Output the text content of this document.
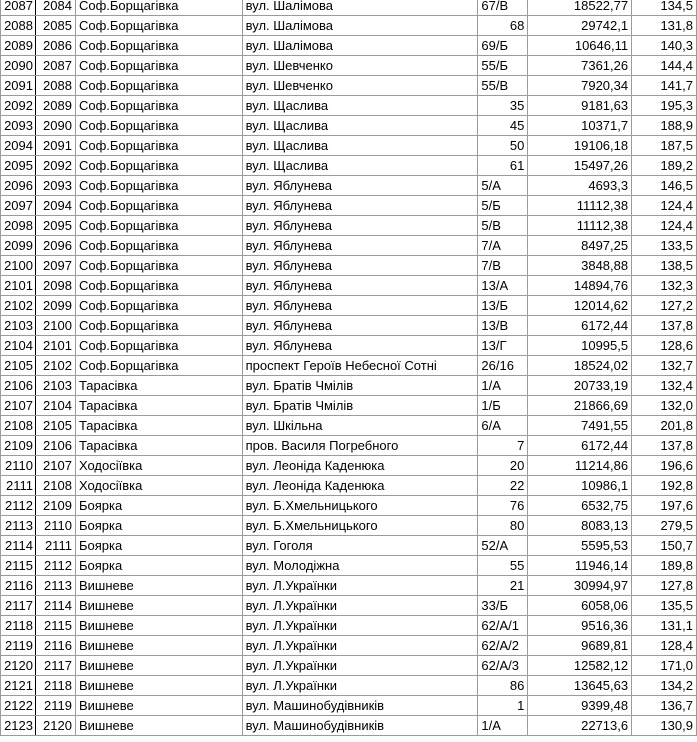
2087	2084	Соф.Борщагівка	вул. Шалімова	67/В	18522,77	134,5
2088	2085	Соф.Борщагівка	вул. Шалімова	68	29742,1	131,8
2089	2086	Соф.Борщагівка	вул. Шалімова	69/Б	10646,11	140,3
2090	2087	Соф.Борщагівка	вул. Шевченко	55/Б	7361,26	144,4
2091	2088	Соф.Борщагівка	вул. Шевченко	55/В	7920,34	141,7
2092	2089	Соф.Борщагівка	вул. Щаслива	35	9181,63	195,3
2093	2090	Соф.Борщагівка	вул. Щаслива	45	10371,7	188,9
2094	2091	Соф.Борщагівка	вул. Щаслива	50	19106,18	187,5
2095	2092	Соф.Борщагівка	вул. Щаслива	61	15497,26	189,2
2096	2093	Соф.Борщагівка	вул. Яблунева	5/А	4693,3	146,5
2097	2094	Соф.Борщагівка	вул. Яблунева	5/Б	11112,38	124,4
2098	2095	Соф.Борщагівка	вул. Яблунева	5/В	11112,38	124,4
2099	2096	Соф.Борщагівка	вул. Яблунева	7/А	8497,25	133,5
2100	2097	Соф.Борщагівка	вул. Яблунева	7/В	3848,88	138,5
2101	2098	Соф.Борщагівка	вул. Яблунева	13/А	14894,76	132,3
2102	2099	Соф.Борщагівка	вул. Яблунева	13/Б	12014,62	127,2
2103	2100	Соф.Борщагівка	вул. Яблунева	13/В	6172,44	137,8
2104	2101	Соф.Борщагівка	вул. Яблунева	13/Г	10995,5	128,6
2105	2102	Соф.Борщагівка	проспект Героїв Небесної Сотні	26/16	18524,02	132,7
2106	2103	Тарасівка	вул. Братів Чмілів	1/А	20733,19	132,4
2107	2104	Тарасівка	вул. Братів Чмілів	1/Б	21866,69	132,0
2108	2105	Тарасівка	вул. Шкільна	6/А	7491,55	201,8
2109	2106	Тарасівка	пров. Василя Погребного	7	6172,44	137,8
2110	2107	Ходосіївка	вул. Леоніда Каденюка	20	11214,86	196,6
2111	2108	Ходосіївка	вул. Леоніда Каденюка	22	10986,1	192,8
2112	2109	Боярка	вул. Б.Хмельницького	76	6532,75	197,6
2113	2110	Боярка	вул. Б.Хмельницького	80	8083,13	279,5
2114	2111	Боярка	вул. Гоголя	52/А	5595,53	150,7
2115	2112	Боярка	вул. Молодіжна	55	11946,14	189,8
2116	2113	Вишневе	вул. Л.Українки	21	30994,97	127,8
2117	2114	Вишневе	вул. Л.Українки	33/Б	6058,06	135,5
2118	2115	Вишневе	вул. Л.Українки	62/А/1	9516,36	131,1
2119	2116	Вишневе	вул. Л.Українки	62/А/2	9689,81	128,4
2120	2117	Вишневе	вул. Л.Українки	62/А/3	12582,12	171,0
2121	2118	Вишневе	вул. Л.Українки	86	13645,63	134,2
2122	2119	Вишневе	вул. Машинобудівників	1	9399,48	136,7
2123	2120	Вишневе	вул. Машинобудівників	1/А	22713,6	130,9
